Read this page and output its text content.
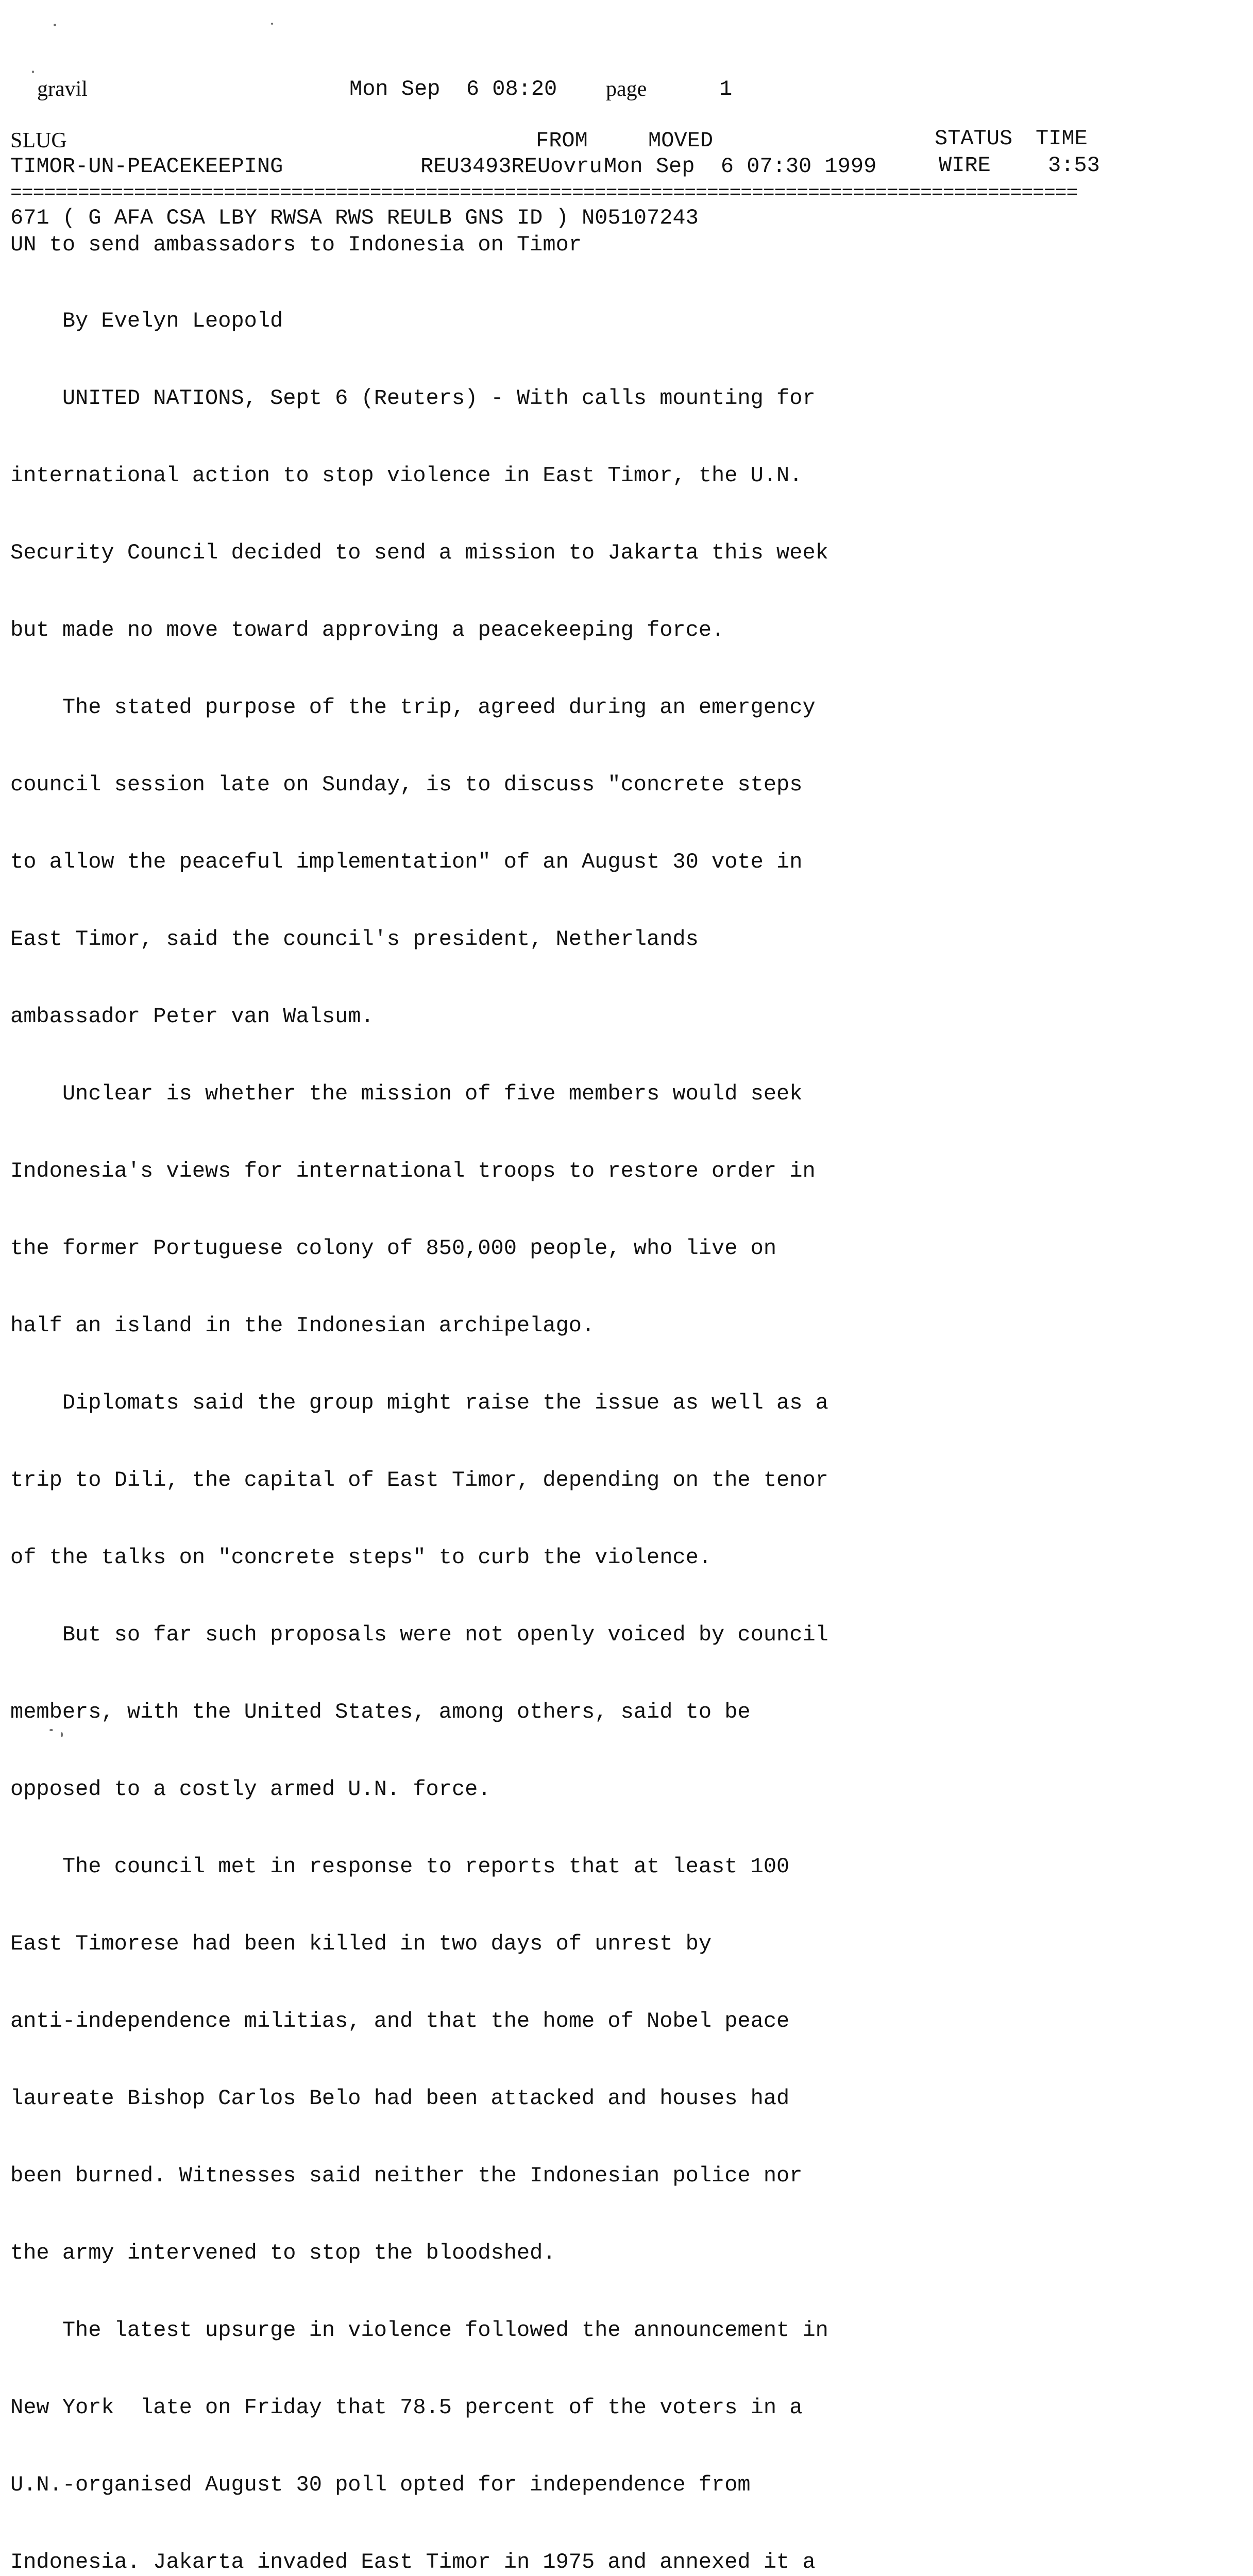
gravil	Mon Sep  6 08:20 page	1
SLUG	FROM	MOVED	STATUS TIME
TIMOR-UN-PEACEKEEPING	REU3493REUovru Mon Sep  6 07:30 1999	WIRE	3:53
===============================================================================================
671 ( G AFA CSA LBY RWSA RWS REULB GNS ID ) N05107243
UN to send ambassadors to Indonesia on Timor

By Evelyn Leopold

UNITED NATIONS, Sept 6 (Reuters) - With calls mounting for

international action to stop violence in East Timor, the U.N.

Security Council decided to send a mission to Jakarta this week

but made no move toward approving a peacekeeping force.

The stated purpose of the trip, agreed during an emergency

council session late on Sunday, is to discuss "concrete steps

to allow the peaceful implementation" of an August 30 vote in

East Timor, said the council's president, Netherlands

ambassador Peter van Walsum.

Unclear is whether the mission of five members would seek

Indonesia's views for international troops to restore order in

the former Portuguese colony of 850,000 people, who live on

half an island in the Indonesian archipelago.

Diplomats said the group might raise the issue as well as a

trip to Dili, the capital of East Timor, depending on the tenor

of the talks on "concrete steps" to curb the violence.

But so far such proposals were not openly voiced by council

members, with the United States, among others, said to be

opposed to a costly armed U.N. force.

The council met in response to reports that at least 100

East Timorese had been killed in two days of unrest by

anti-independence militias, and that the home of Nobel peace

laureate Bishop Carlos Belo had been attacked and houses had

been burned. Witnesses said neither the Indonesian police nor

the army intervened to stop the bloodshed.

The latest upsurge in violence followed the announcement in

New York  late on Friday that 78.5 percent of the voters in a

U.N.-organised August 30 poll opted for independence from

Indonesia. Jakarta invaded East Timor in 1975 and annexed it a
